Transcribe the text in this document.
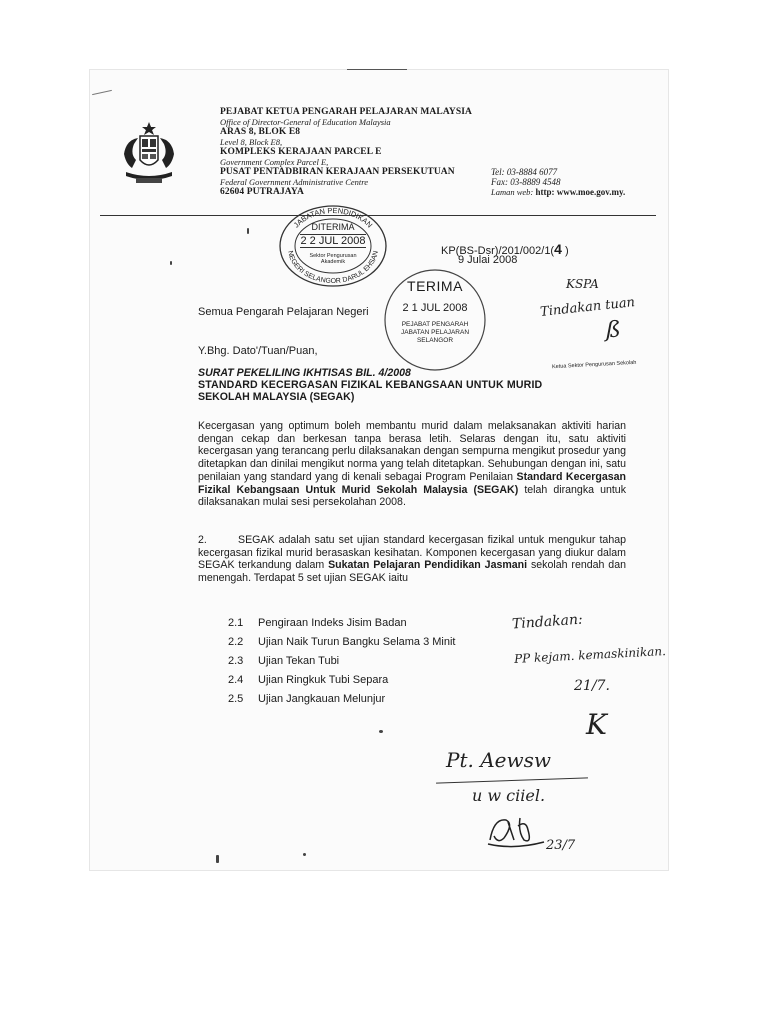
PEJABAT KETUA PENGARAH PELAJARAN MALAYSIA
Office of Director-General of Education Malaysia
ARAS 8, BLOK E8
Level 8, Block E8,
KOMPLEKS KERAJAAN PARCEL E
Government Complex Parcel E,
PUSAT PENTADBIRAN KERAJAAN PERSEKUTUAN
Federal Government Administrative Centre
62604 PUTRAJAYA
Tel: 03-8884 6077
Fax: 03-8889 4548
Laman web: http: www.moe.gov.my.
JABATAN PENDIDIKAN
NEGERI SELANGOR DARUL EHSAN
DITERIMA
2 2 JUL 2008
Sektor Pengurusan Akademik
KP(BS-Dsr)/201/002/1(4 )
9 Julai 2008
TERIMA
2 1 JUL 2008
PEJABAT PENGARAH
JABATAN PELAJARAN
SELANGOR
KSPA
Tindakan tuan
ß
Ketua Sektor Pengurusan Sekolah
Semua Pengarah Pelajaran Negeri
Y.Bhg. Dato'/Tuan/Puan,
SURAT PEKELILING IKHTISAS BIL. 4/2008
STANDARD KECERGASAN FIZIKAL KEBANGSAAN UNTUK MURID
SEKOLAH MALAYSIA (SEGAK)
Kecergasan yang optimum boleh membantu murid dalam melaksanakan aktiviti harian dengan cekap dan berkesan tanpa berasa letih. Selaras dengan itu, satu aktiviti kecergasan yang terancang perlu dilaksanakan dengan sempurna mengikut prosedur yang ditetapkan dan dinilai mengikut norma yang telah ditetapkan. Sehubungan dengan ini, satu penilaian yang standard yang di kenali sebagai Program Penilaian Standard Kecergasan Fizikal Kebangsaan Untuk Murid Sekolah Malaysia (SEGAK) telah dirangka untuk dilaksanakan mulai sesi persekolahan 2008.
2.	SEGAK adalah satu set ujian standard kecergasan fizikal untuk mengukur tahap kecergasan fizikal murid berasaskan kesihatan. Komponen kecergasan yang diukur dalam SEGAK terkandung dalam Sukatan Pelajaran Pendidikan Jasmani sekolah rendah dan menengah. Terdapat 5 set ujian SEGAK iaitu
2.1 Pengiraan Indeks Jisim Badan
2.2 Ujian Naik Turun Bangku Selama 3 Minit
2.3 Ujian Tekan Tubi
2.4 Ujian Ringkuk Tubi Separa
2.5 Ujian Jangkauan Melunjur
Tindakan:
PP kejam. kemaskinikan.
21/7.
K
Pt. Aewsw
u w ciiel.
23/7
